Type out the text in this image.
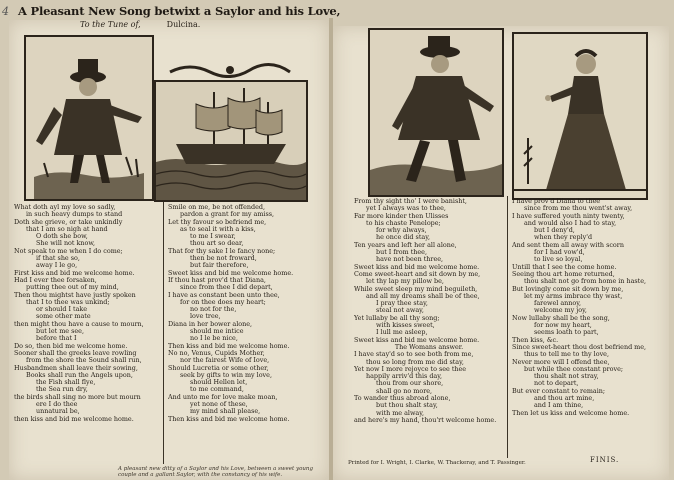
4 A Pleasant New Song betwixt a Saylor and his Love,
To the Tune of,	Dulcina.
What doth ayl my love so sadly,
in such heavy dumps to stand
Doth she grieve, or take unkindly
that I am so nigh at hand
O doth she bow,
She will not know,
Not speak to me when I do come;
if that she so,
away I le go,
First kiss and bid me welcome home.
Had I ever thee forsaken,
putting thee out of my mind,
Then thou mightst have justly spoken
that I to thee was unkind;
or should I take
some other mate
then might thou have a cause to mourn,
but let me see,
before that I
Do so, then bid me welcome home.
Sooner shall the greeks leave rowling
from the shore the Sound shall run,
Husbandmen shall leave their sowing,
Books shall run the Angels upon,
the Fish shall flye,
the Sea run dry,
the birds shall sing no more but mourn
ere I do thee
unnatural be,
then kiss and bid me welcome home.
Smile on me, be not offended,
pardon a grant for my amiss,
Let thy favour so befriend me,
as to seal it with a kiss,
to me I swear,
thou art so dear,
That for thy sake I le fancy none;
then be not froward,
but fair therefore,
Sweet kiss and bid me welcome home.
If thou hast prov'd that Diana,
since from thee I did depart,
I have as constant been unto thee,
for on thee does my heart;
no not for the,
love tree,
Diana in her bower alone,
should me intice
no I le be nice,
Then kiss and bid me welcome home.
No no, Venus, Cupids Mother,
nor the fairest Wife of Iove,
Should Lucretia or some other,
seek by gifts to win my love,
should Hellen let,
to me command,
And unto me for love make moan,
yet none of these,
my mind shall please,
Then kiss and bid me welcome home.
From thy sight tho' I were banisht,
yet I always was to thee,
Far more kinder then Ulisses
to his chaste Penelope;
for why always,
he once did stay,
Ten years and left her all alone,
but I from thee,
have not been three,
Sweet kiss and bid me welcome home.
Come sweet-heart and sit down by me,
let thy lap my pillow be,
While sweet sleep my mind beguileth,
and all my dreams shall be of thee,
I pray thee stay,
steal not away,
Yet lullaby be all thy song;
with kisses sweet,
I lull me asleep,
Sweet kiss and bid me welcome home.
The Womans answer.
I have stay'd so to see both from me,
thou so long from me did stay,
Yet now I more rejoyce to see thee
happily arriv'd this day,
thou from our shore,
shall go no more,
To wander thus abroad alone,
but thou shalt stay,
with me alway,
and here's my hand, thou'rt welcome home.
I have prov'd Diana to thee
since from me thou went'st away,
I have suffered youth ninty twenty,
and would also I had to stay,
but I deny'd,
when they reply'd
And sent them all away with scorn
for I had vow'd,
to live so loyal,
Untill that I see the come home.
Seeing thou art home returned,
thou shalt not go from home in haste,
But lovingly come sit down by me,
let my arms imbrace thy wast,
farewel annoy,
welcome my joy,
Now lullaby shall be the song,
for now my heart,
seems loath to part,
Then kiss, &c.
Since sweet-heart thou dost befriend me,
thus to tell me to thy love,
Never more will I offend thee,
but while thee constant prove;
thou shalt not stray,
not to depart,
But ever constant to remain;
and thou art mine,
and I am thine,
Then let us kiss and welcome home.
A pleasant new ditty of a Saylor and his Love, between a sweet young couple and a gallant Saylor, with the constancy of his wife.
Printed for I. Wright, I. Clarke, W. Thackeray, and T. Passinger.	FINIS.
